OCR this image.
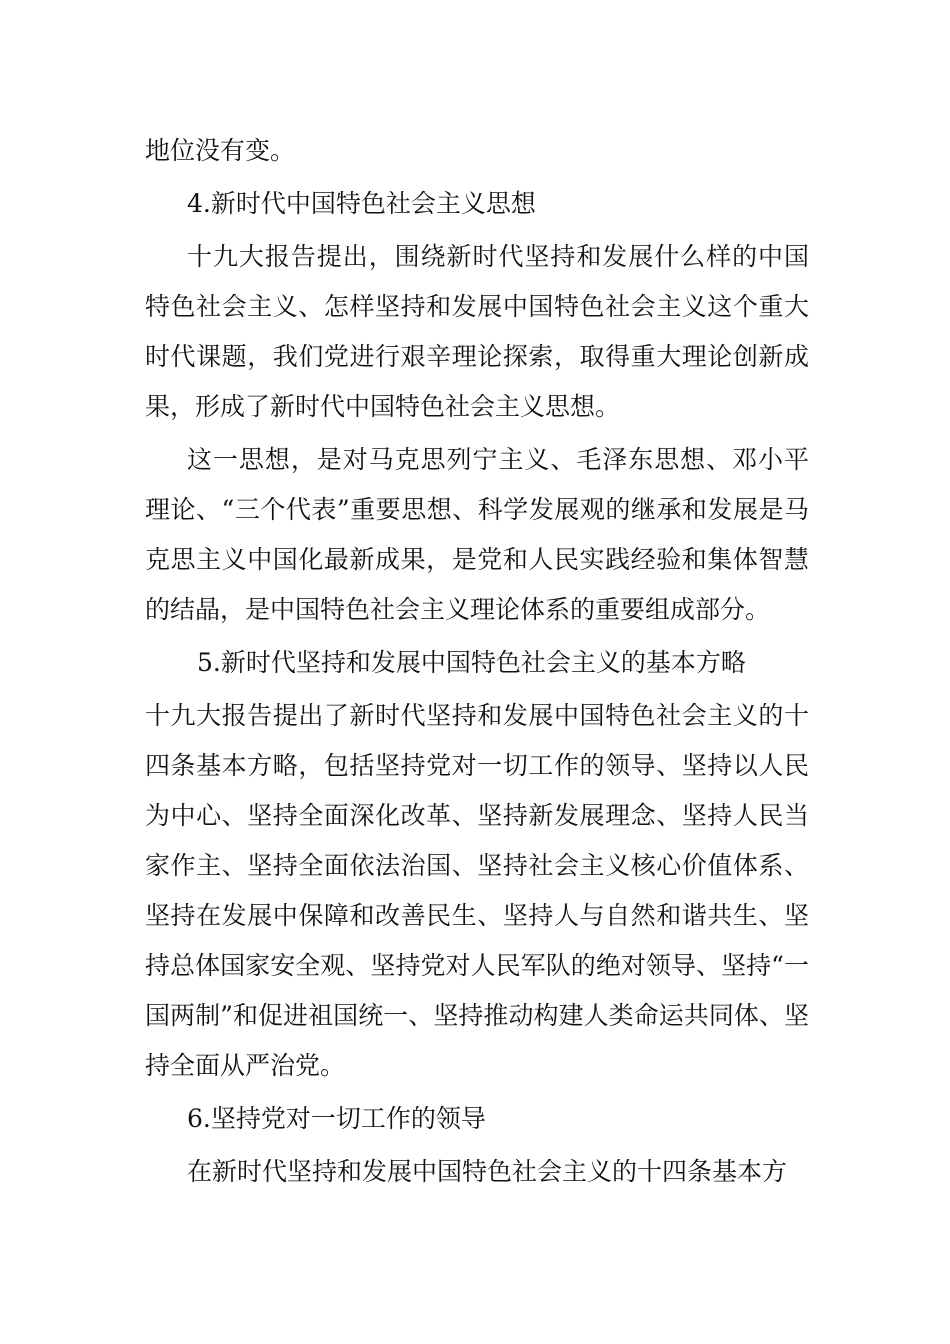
地位没有变。

4.新时代中国特色社会主义思想

十九大报告提出，围绕新时代坚持和发展什么样的中国特色社会主义、怎样坚持和发展中国特色社会主义这个重大时代课题，我们党进行艰辛理论探索，取得重大理论创新成果，形成了新时代中国特色社会主义思想。

这一思想，是对马克思列宁主义、毛泽东思想、邓小平理论、“三个代表”重要思想、科学发展观的继承和发展是马克思主义中国化最新成果，是党和人民实践经验和集体智慧的结晶，是中国特色社会主义理论体系的重要组成部分。

5.新时代坚持和发展中国特色社会主义的基本方略

十九大报告提出了新时代坚持和发展中国特色社会主义的十四条基本方略，包括坚持党对一切工作的领导、坚持以人民为中心、坚持全面深化改革、坚持新发展理念、坚持人民当家作主、坚持全面依法治国、坚持社会主义核心价值体系、坚持在发展中保障和改善民生、坚持人与自然和谐共生、坚持总体国家安全观、坚持党对人民军队的绝对领导、坚持“一国两制”和促进祖国统一、坚持推动构建人类命运共同体、坚持全面从严治党。

6.坚持党对一切工作的领导

在新时代坚持和发展中国特色社会主义的十四条基本方
